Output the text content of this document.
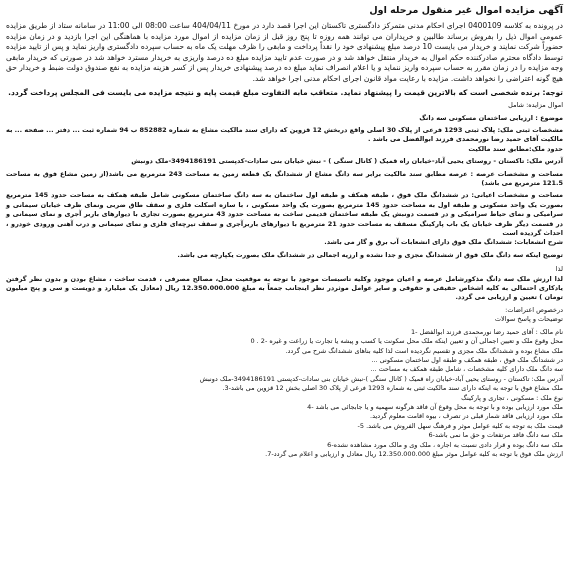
آگهی مزایده اموال غیر منقول مرحله اول

در پرونده به کلاسه 0400109 اجرای احکام مدنی متمرکز دادگستری تاکستان این اجرا قصد دارد در مورخ 404/04/11 ساعت 08:00 الی 11:00 در سامانه ستاد از طریق مزایده عمومی اموال ذیل را بفروش برساند طالبین و خریداران می توانند همه روزه تا پنج روز قبل از زمان مزایده از اموال مورد مزایده با هماهنگی این اجرا بازدید و در زمان مزایده حضوراً شرکت نمایند و خریدار می بایست 10 درصد مبلغ پیشنهادی خود را نقداً پرداخت و مابقی را ظرف مهلت یک ماه به حساب سپرده دادگستری واریز نماید و پس از تایید مزایده توسط دادگاه محترم صادرکننده حکم اموال به خریدار منتقل خواهد شد و در صورت عدم تایید مزایده مبلغ ده درصد واریزی به خریدار مسترد خواهد شد در صورتی که خریدار مابقی وجه مزایده را در زمان مقرر به حساب سپرده واریز ننماید و یا اعلام انصراف نماید مبلغ ده درصد پیشنهادی خریدار پس از کسر هزینه مزایده به نفع صندوق دولت ضبط و خریدار حق هیچ گونه اعتراضی را نخواهد داشت. مزایده با رعایت مواد قانون اجرای احکام مدنی اجرا خواهد شد.

توجه: برنده شخصی است که بالاترین قیمت را پیشنهاد نماید. متعاقب مابه التفاوت مبلغ قیمت پایه و نتیجه مزایده می بایست فی المجلس پرداخت گردد.

اموال مزایده: شامل

موضوع : ارزیابی ساختمان مسکونی سه دانگ

مشخصات ثبتی ملک: پلاک ثبتی 1293 فرعی از پلاک 30 اصلی واقع دربخش 12 قزوین که دارای سند مالکیت مشاع به شماره 852882 ب 94 شماره ثبت ... دفتر ... صفحه ... به مالکیت آقای حمید رضا نورمحمدی فرزند ابوالفضل می باشد .

حدود ملک:مطابق سند مالکیت

آدرس ملک: تاکستان - روستای یحیی آباد-خیابان راه قمیک ( کانال سنگی ) - نبش خیابان بنی سادات-کدپستی 3494186191-ملک دونبش

مساحت و مشخصات عرصه : عرصه مطابق سند مالکیت برابر سه دانگ مشاع از ششدانگ یک قطعه زمین به مساحت 243 مترمربع می باشد(از زمین مشاع فوق به مساحت 121.5 مترمربع می باشد)

مساحت و مشخصات اعیانی: در ششدانگ ملک فوق ، طبقه همکف و طبقه اول ساختمان به سه دانگ ساختمان مسکونی شامل طبقه همکف به مساحت حدود 145 مترمربع بصورت یک واحد مسکونی و طبقه اول به مساحت حدود 145 مترمربع بصورت یک واحد مسکونی ، با سازه اسکلت فلزی و سقف طاق ضربی ونمای ظرف خیابان سیمانی و سرامیکی و نمای حیاط سرامیکی و در قسمت دونبش یک طبقه ساختمان قدیمی ساخت به مساحت حدود 43 مترمربع بصورت تجاری با دیوارهای باربر آجری و نمای سیمانی و در قسمت دیگر ظرف خیابان یک باب پارکینگ مسقف به مساحت حدود 21 مترمربع با دیوارهای باربرآجری و سقف تیرچه‌ای فلزی و نمای سیمانی و درب آهنی ورودی خودرو ، احداث گردیده است

شرح انشعابات: ششدانگ ملک فوق دارای انشعابات آب برق و گاز می باشد.

توضیح اینکه سه دانگ ملک فوق از ششدانگ مجزی و جدا نشده و ارزیه اجمالی در ششدانگ ملک بصورت یکپارچه می باشد.

لذا

لذا ارزش ملک سه دانگ مذکورشامل عرصه و اعیان موجود وکلیه تاسیسات موجود با توجه به موقعیت محل، مصالح مصرفی ، قدمت ساخت ، مشاع بودن و بدون نظر گرفتن یادکاری احتمالی به کلیه اشخاص حقیقی و حقوقی و سایر عوامل موثردر نظر اینجانب جمعاً به مبلغ 12.350.000.000 ریال (معادل یک میلیارد و دویست و سی و پنج میلیون تومان ) تعیین و ارزیابی می گردد.

درخصوص اعتراضات:

توضیحات و پاسخ سوالات

نام مالک : آقای حمید رضا نورمحمدی فرزند ابوالفضل -1

محل وقوع ملک و تعیین اجمالی آن و تعیین اینکه ملک محل سکونت یا کسب و پیشه یا تجارت یا زراعت و غیره -2 . 0

ملک مشاع بوده و ششدانگ ملک مجزی و تقسیم نگردیده است لذا کلیه بناهای ششدانگ شرح می گردد.

در ششدانگ ملک فوق ، طبقه همکف و طبقه اول ساختمان مسکونی ...

سه دانگ ملک دارای کلیه مشخصات ، شامل طبقه همکف به مساحت ...

آدرس ملک: تاکستان - روستای یحیی آباد-خیابان راه قمیک ( کانال سنگی )-نبش خیابان بنی سادات-کدپستی 3494186191-ملک دونبش

ملک مشاع فوق با توجه به اینکه دارای سند مالکیت ثبتی به شماره 1293 فرعی از پلاک 30 اصلی بخش 12 قزوین می باشد-3.

نوع ملک : مسکونی ، تجاری و پارکینگ

ملک مورد ارزیابی بوده و با توجه به محل وقوع آن فاقد هرگونه سهمیه و یا جابجائی می باشد -4

ملک مورد ارزیابی فاقد شمار قبلی در تصرف ، بیوه اقامت معلوم گردید.

قیمت ملک به توجه به کلیه عوامل موثر و فرهنگ سهل الفروش می باشد. 5-

ملک سه دانگ فاقد مرتفعات و حق ما نمی باشد-6

ملک سه دانگ بوده و قرار دادی نسبت به اجاره ، ملک وی و مالک مورد مشاهده نشده-6

ارزش ملک فوق با توجه به کلیه عوامل موثر مبلغ 12.350.000.000 ریال معادل و ارزیابی و اعلام می گردد-7.
